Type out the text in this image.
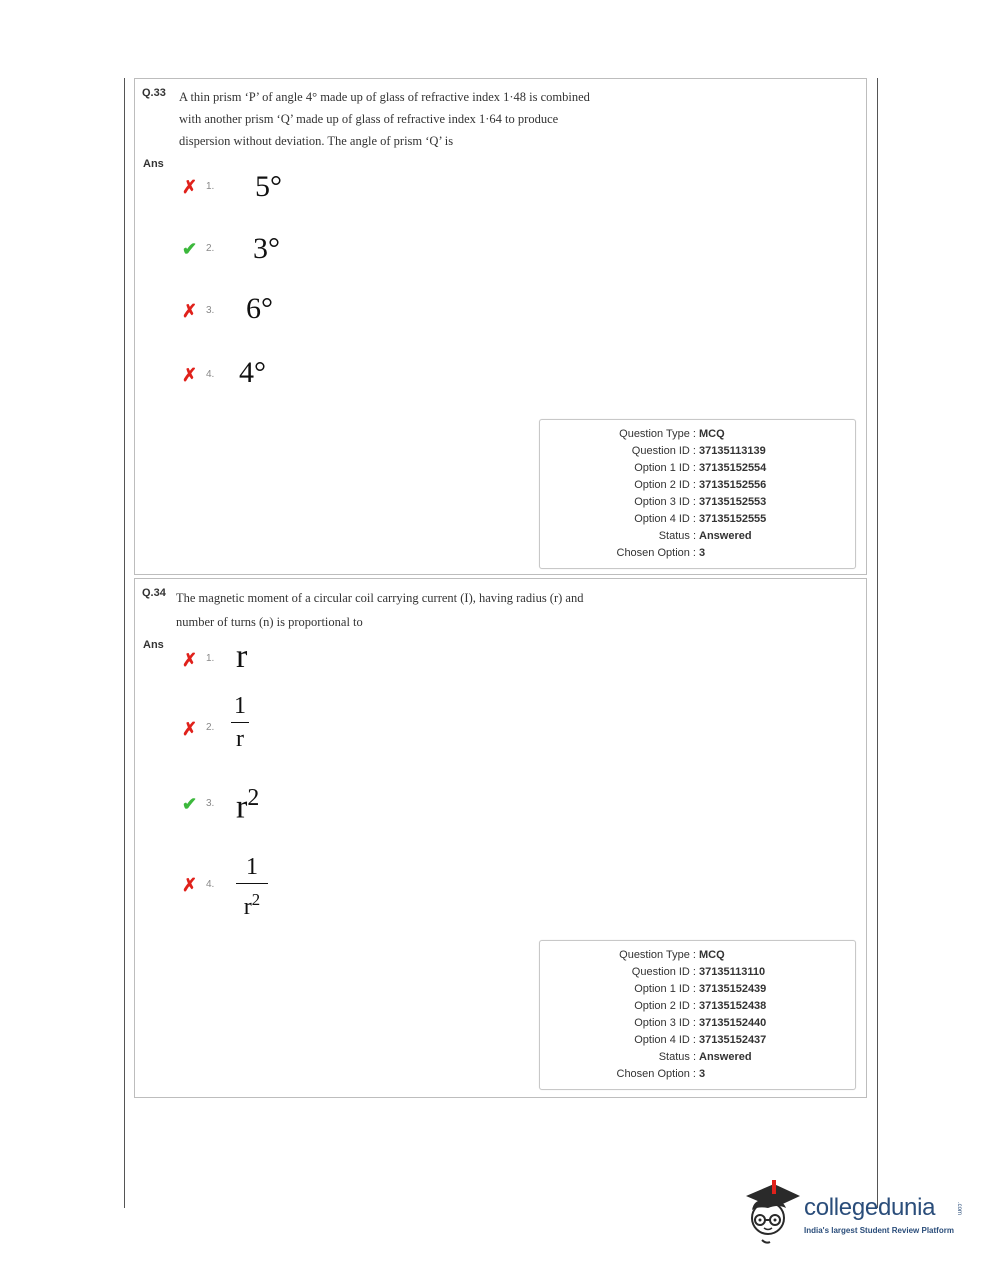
Q.33 A thin prism ‘P’ of angle 4° made up of glass of refractive index 1·48 is combined
with another prism ‘Q’ made up of glass of refractive index 1·64 to produce
dispersion without deviation. The angle of prism ‘Q’ is
Ans
✗ 1. 5°
✔ 2. 3°
✗ 3. 6°
✗ 4. 4°
Question Type : MCQ
Question ID : 37135113139
Option 1 ID : 37135152554
Option 2 ID : 37135152556
Option 3 ID : 37135152553
Option 4 ID : 37135152555
Status : Answered
Chosen Option : 3
Q.34 The magnetic moment of a circular coil carrying current (I), having radius (r) and
number of turns (n) is proportional to
Ans
✗ 1. r
✗ 2.
1
r
✔ 3. $r^2$
✗ 4.
1
$r^2$
Question Type : MCQ
Question ID : 37135113110
Option 1 ID : 37135152439
Option 2 ID : 37135152438
Option 3 ID : 37135152440
Option 4 ID : 37135152437
Status : Answered
Chosen Option : 3
collegedunia	.com
India's largest Student Review Platform
